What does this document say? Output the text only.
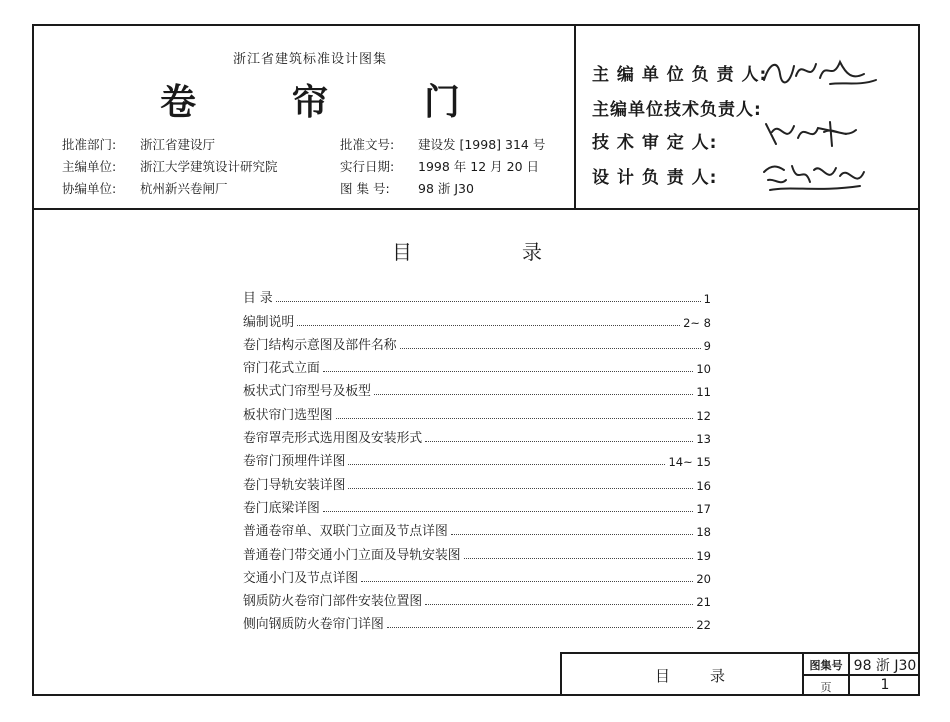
浙江省建筑标准设计图集
卷	帘	门
批准部门: 浙江省建设厅
主编单位: 浙江大学建筑设计研究院
协编单位: 杭州新兴卷闸厂
批准文号: 建设发 [1998] 314 号
实行日期: 1998 年 12 月 20 日
图 集 号: 98 浙 J30
主 编 单 位 负 责 人:
主编单位技术负责人:
技 术 审 定 人:
设 计 负 责 人:
目	录
目 录	1
编制说明	2~ 8
卷门结构示意图及部件名称	9
帘门花式立面	10
板状式门帘型号及板型	11
板状帘门选型图	12
卷帘罩壳形式选用图及安装形式	13
卷帘门预埋件详图	14~ 15
卷门导轨安装详图	16
卷门底梁详图	17
普通卷帘单、双联门立面及节点详图	18
普通卷门带交通小门立面及导轨安装图	19
交通小门及节点详图	20
钢质防火卷帘门部件安装位置图	21
侧向钢质防火卷帘门详图	22
目	录
图集号 98 浙 J30
页	1
